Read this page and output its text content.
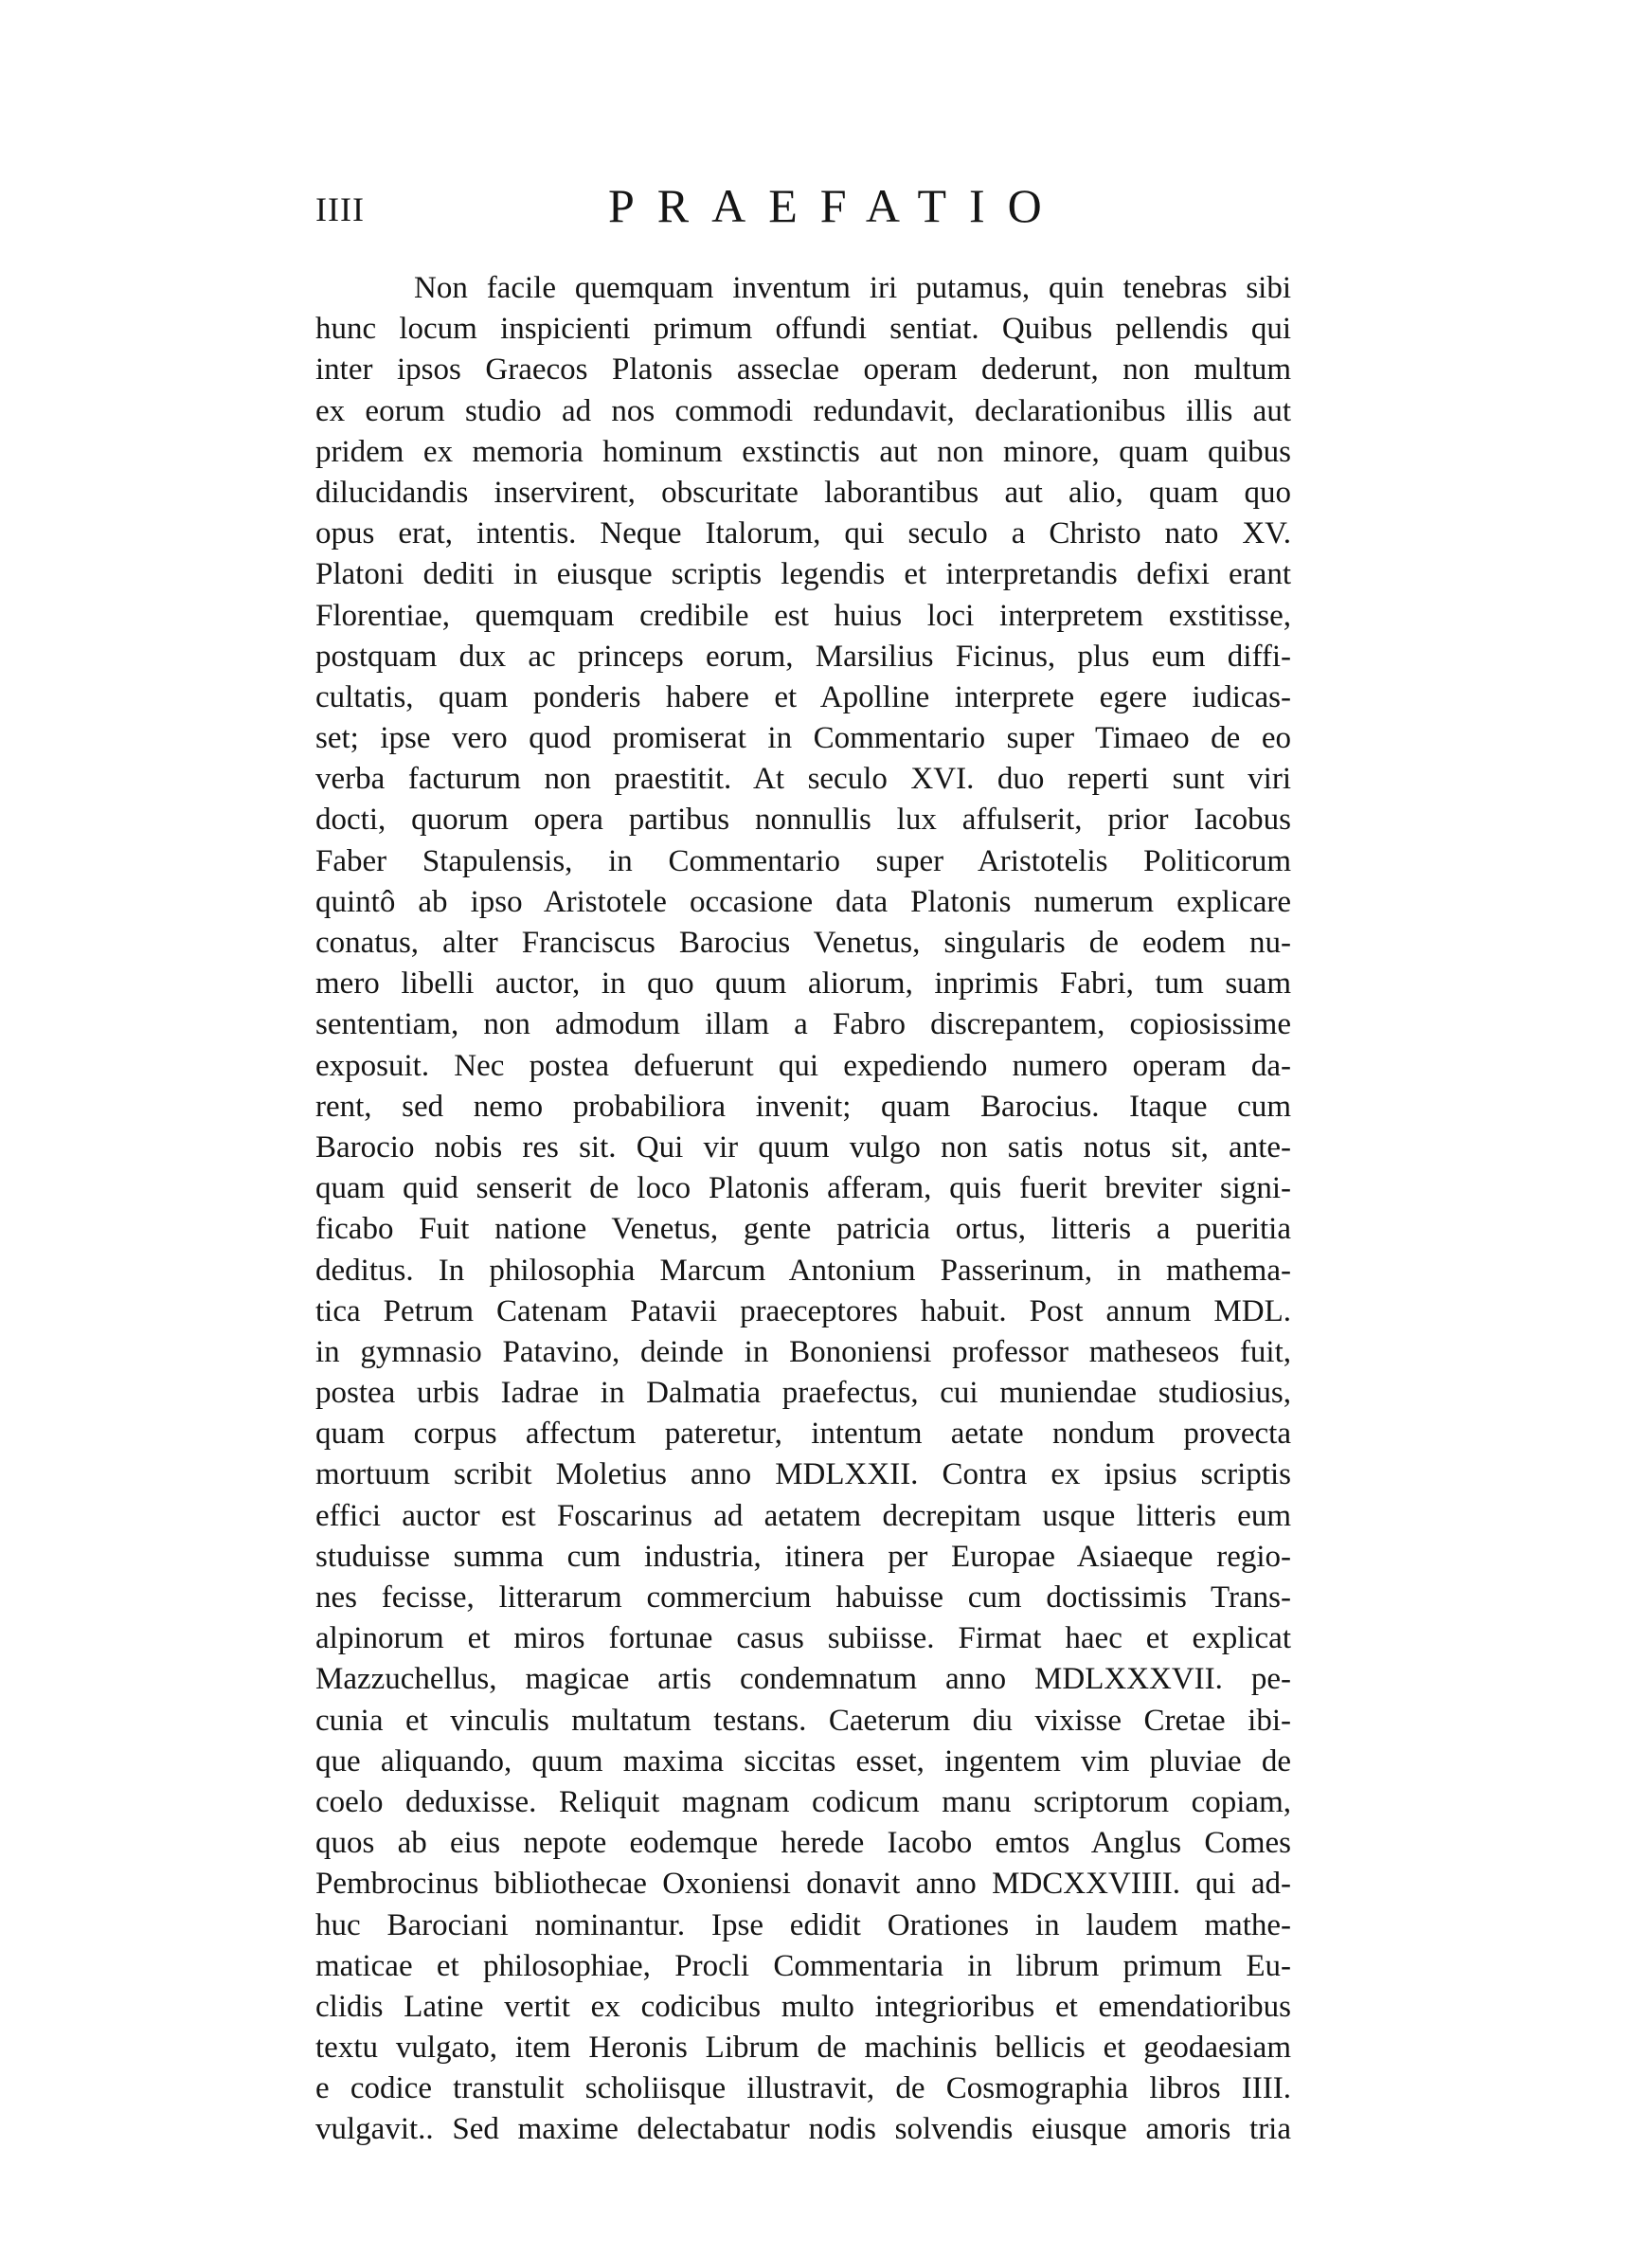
IIII	PRAEFATIO
Non facile quemquam inventum iri putamus, quin tenebras sibi
hunc locum inspicienti primum offundi sentiat. Quibus pellendis qui
inter ipsos Graecos Platonis asseclae operam dederunt, non multum
ex eorum studio ad nos commodi redundavit, declarationibus illis aut
pridem ex memoria hominum exstinctis aut non minore, quam quibus
dilucidandis inservirent, obscuritate laborantibus aut alio, quam quo
opus erat, intentis. Neque Italorum, qui seculo a Christo nato XV.
Platoni dediti in eiusque scriptis legendis et interpretandis defixi erant
Florentiae, quemquam credibile est huius loci interpretem exstitisse,
postquam dux ac princeps eorum, Marsilius Ficinus, plus eum diffi-
cultatis, quam ponderis habere et Apolline interprete egere iudicas-
set; ipse vero quod promiserat in Commentario super Timaeo de eo
verba facturum non praestitit. At seculo XVI. duo reperti sunt viri
docti, quorum opera partibus nonnullis lux affulserit, prior Iacobus
Faber Stapulensis, in Commentario super Aristotelis Politicorum
quintô ab ipso Aristotele occasione data Platonis numerum explicare
conatus, alter Franciscus Barocius Venetus, singularis de eodem nu-
mero libelli auctor, in quo quum aliorum, inprimis Fabri, tum suam
sententiam, non admodum illam a Fabro discrepantem, copiosissime
exposuit. Nec postea defuerunt qui expediendo numero operam da-
rent, sed nemo probabiliora invenit; quam Barocius. Itaque cum
Barocio nobis res sit. Qui vir quum vulgo non satis notus sit, ante-
quam quid senserit de loco Platonis afferam, quis fuerit breviter signi-
ficabo Fuit natione Venetus, gente patricia ortus, litteris a pueritia
deditus. In philosophia Marcum Antonium Passerinum, in mathema-
tica Petrum Catenam Patavii praeceptores habuit. Post annum MDL.
in gymnasio Patavino, deinde in Bononiensi professor matheseos fuit,
postea urbis Iadrae in Dalmatia praefectus, cui muniendae studiosius,
quam corpus affectum pateretur, intentum aetate nondum provecta
mortuum scribit Moletius anno MDLXXII. Contra ex ipsius scriptis
effici auctor est Foscarinus ad aetatem decrepitam usque litteris eum
studuisse summa cum industria, itinera per Europae Asiaeque regio-
nes fecisse, litterarum commercium habuisse cum doctissimis Trans-
alpinorum et miros fortunae casus subiisse. Firmat haec et explicat
Mazzuchellus, magicae artis condemnatum anno MDLXXXVII. pe-
cunia et vinculis multatum testans. Caeterum diu vixisse Cretae ibi-
que aliquando, quum maxima siccitas esset, ingentem vim pluviae de
coelo deduxisse. Reliquit magnam codicum manu scriptorum copiam,
quos ab eius nepote eodemque herede Iacobo emtos Anglus Comes
Pembrocinus bibliothecae Oxoniensi donavit anno MDCXXVIIII. qui ad-
huc Barociani nominantur. Ipse edidit Orationes in laudem mathe-
maticae et philosophiae, Procli Commentaria in librum primum Eu-
clidis Latine vertit ex codicibus multo integrioribus et emendatioribus
textu vulgato, item Heronis Librum de machinis bellicis et geodaesiam
e codice transtulit scholiisque illustravit, de Cosmographia libros IIII.
vulgavit.. Sed maxime delectabatur nodis solvendis eiusque amoris tria
